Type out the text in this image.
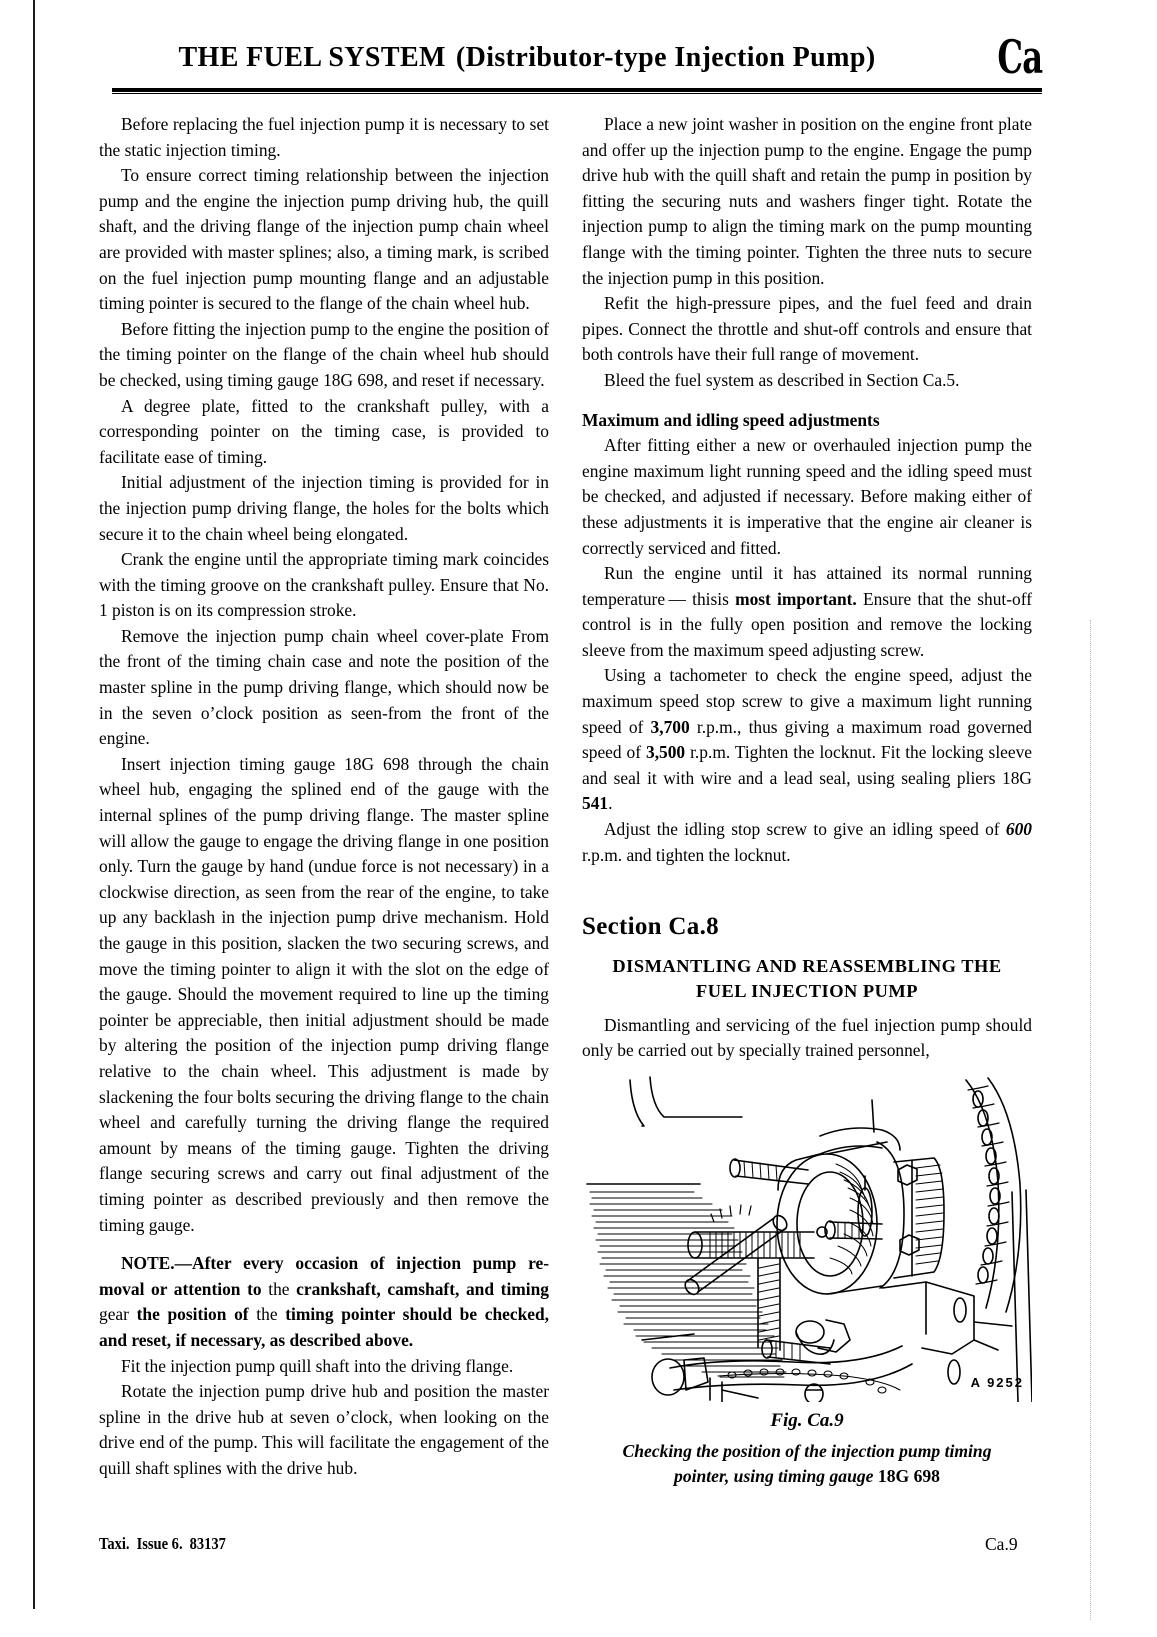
THE FUEL SYSTEM (Distributor-type Injection Pump)	Ca

Before replacing the fuel injection pump it is necessary to set the static injection timing.

To ensure correct timing relationship between the injection pump and the engine the injection pump driving hub, the quill shaft, and the driving flange of the injection pump chain wheel are provided with master splines; also, a timing mark, is scribed on the fuel injection pump mounting flange and an adjustable timing pointer is secured to the flange of the chain wheel hub.

Before fitting the injection pump to the engine the position of the timing pointer on the flange of the chain wheel hub should be checked, using timing gauge 18G 698, and reset if necessary.

A degree plate, fitted to the crankshaft pulley, with a corresponding pointer on the timing case, is provided to facilitate ease of timing.

Initial adjustment of the injection timing is provided for in the injection pump driving flange, the holes for the bolts which secure it to the chain wheel being elongated.

Crank the engine until the appropriate timing mark coincides with the timing groove on the crankshaft pulley. Ensure that No. 1 piston is on its compression stroke.

Remove the injection pump chain wheel cover-plate From the front of the timing chain case and note the position of the master spline in the pump driving flange, which should now be in the seven o’clock position as seen-from the front of the engine.

Insert injection timing gauge 18G 698 through the chain wheel hub, engaging the splined end of the gauge with the internal splines of the pump driving flange. The master spline will allow the gauge to engage the driving flange in one position only. Turn the gauge by hand (undue force is not necessary) in a clockwise direction, as seen from the rear of the engine, to take up any backlash in the injection pump drive mechanism. Hold the gauge in this position, slacken the two securing screws, and move the timing pointer to align it with the slot on the edge of the gauge. Should the movement required to line up the timing pointer be appreciable, then initial adjustment should be made by altering the position of the injection pump driving flange relative to the chain wheel. This adjustment is made by slackening the four bolts securing the driving flange to the chain wheel and carefully turning the driving flange the required amount by means of the timing gauge. Tighten the driving flange securing screws and carry out final adjustment of the timing pointer as described previously and then remove the timing gauge.

NOTE.—After every occasion of injection pump re-moval or attention to the crankshaft, camshaft, and timing gear the position of the timing pointer should be checked, and reset, if necessary, as described above.

Fit the injection pump quill shaft into the driving flange.

Rotate the injection pump drive hub and position the master spline in the drive hub at seven o’clock, when looking on the drive end of the pump. This will facilitate the engagement of the quill shaft splines with the drive hub.

Place a new joint washer in position on the engine front plate and offer up the injection pump to the engine. Engage the pump drive hub with the quill shaft and retain the pump in position by fitting the securing nuts and washers finger tight. Rotate the injection pump to align the timing mark on the pump mounting flange with the timing pointer. Tighten the three nuts to secure the injection pump in this position.

Refit the high-pressure pipes, and the fuel feed and drain pipes. Connect the throttle and shut-off controls and ensure that both controls have their full range of movement.

Bleed the fuel system as described in Section Ca.5.

Maximum and idling speed adjustments

After fitting either a new or overhauled injection pump the engine maximum light running speed and the idling speed must be checked, and adjusted if necessary. Before making either of these adjustments it is imperative that the engine air cleaner is correctly serviced and fitted.

Run the engine until it has attained its normal running temperature — thisis most important. Ensure that the shut-off control is in the fully open position and remove the locking sleeve from the maximum speed adjusting screw.

Using a tachometer to check the engine speed, adjust the maximum speed stop screw to give a maximum light running speed of 3,700 r.p.m., thus giving a maximum road governed speed of 3,500 r.p.m. Tighten the locknut. Fit the locking sleeve and seal it with wire and a lead seal, using sealing pliers 18G 541.

Adjust the idling stop screw to give an idling speed of 600 r.p.m. and tighten the locknut.

Section Ca.8

DISMANTLING AND REASSEMBLING THE
FUEL INJECTION PUMP

Dismantling and servicing of the fuel injection pump should only be carried out by specially trained personnel,

A 9252

Fig. Ca.9

Checking the position of the injection pump timing
pointer, using timing gauge 18G 698

Taxi. Issue 6. 83137	Ca.9
